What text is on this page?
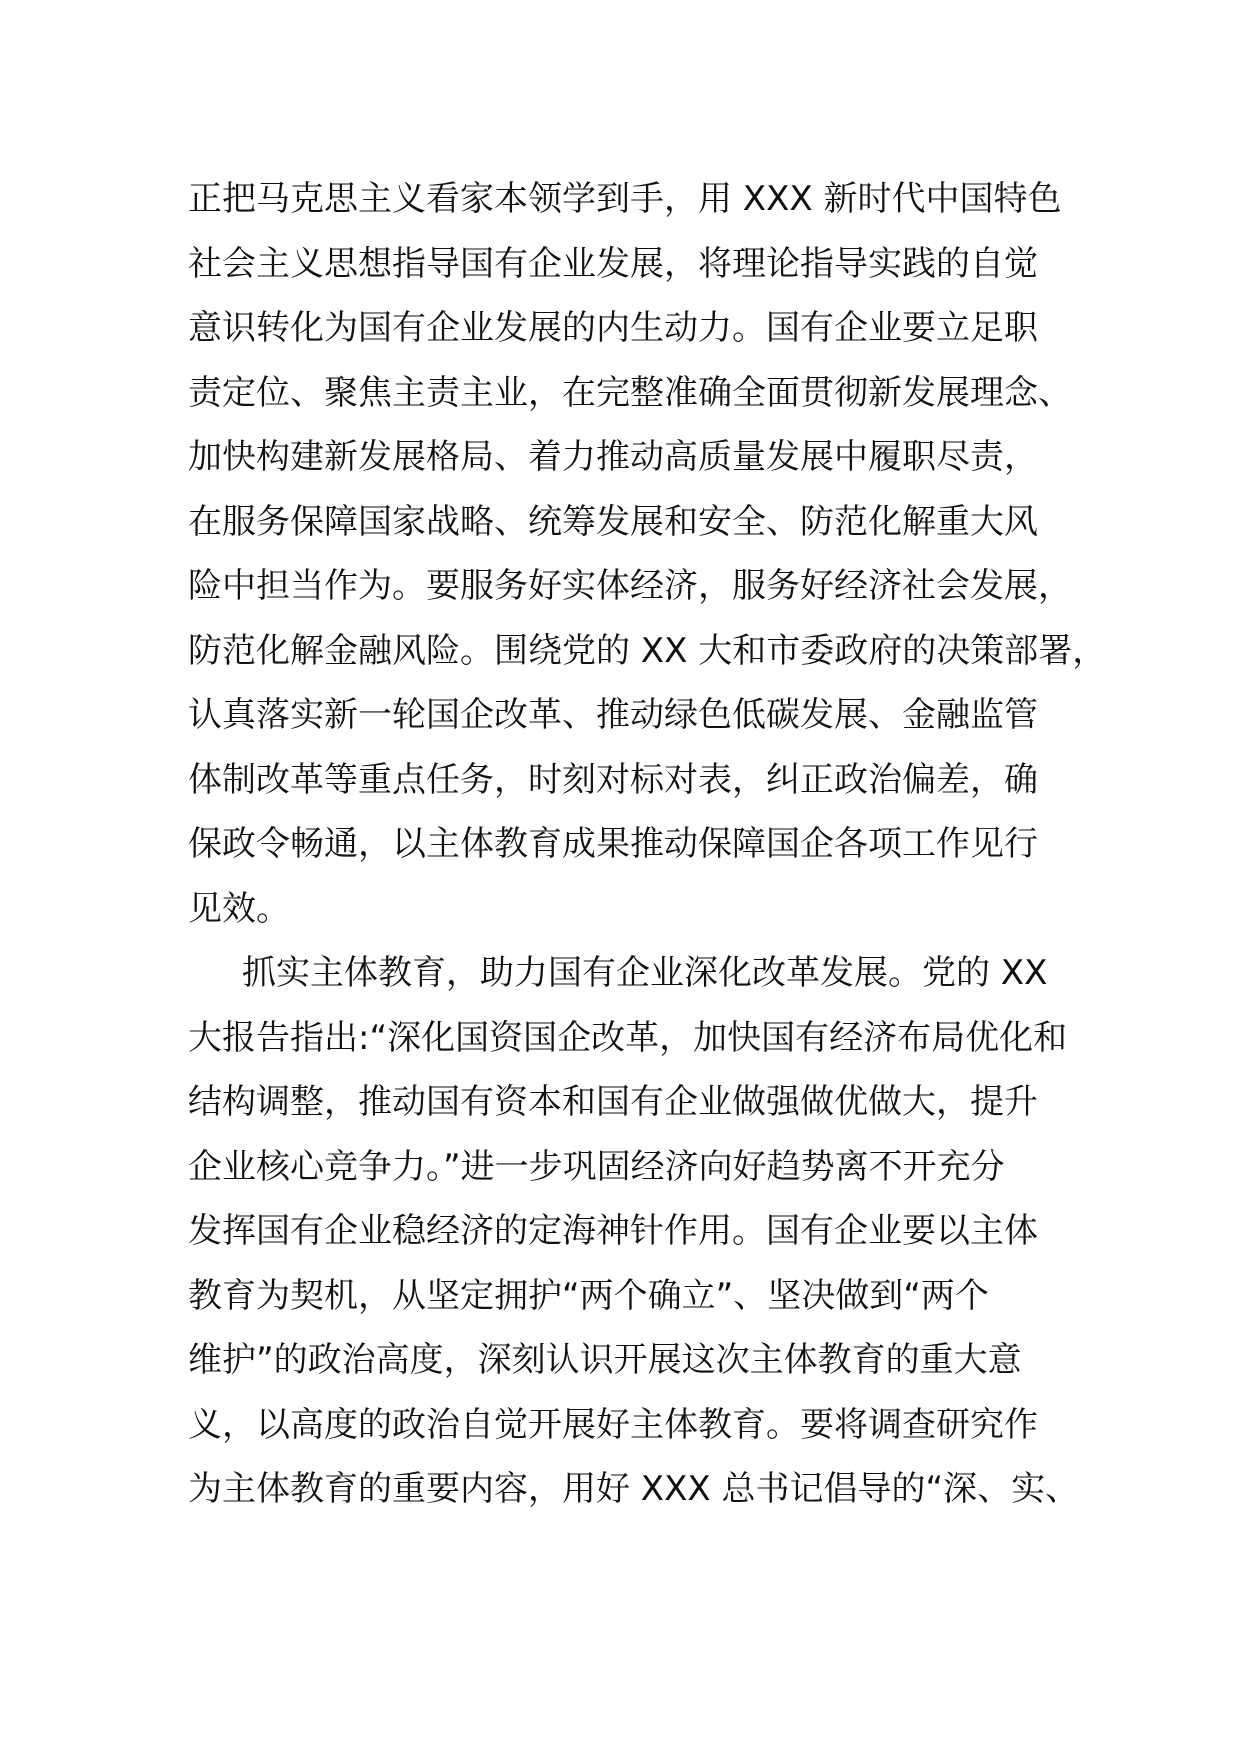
正把马克思主义看家本领学到手，用 XXX 新时代中国特色
社会主义思想指导国有企业发展，将理论指导实践的自觉
意识转化为国有企业发展的内生动力。国有企业要立足职
责定位、聚焦主责主业，在完整准确全面贯彻新发展理念、
加快构建新发展格局、着力推动高质量发展中履职尽责，
在服务保障国家战略、统筹发展和安全、防范化解重大风
险中担当作为。要服务好实体经济，服务好经济社会发展，
防范化解金融风险。围绕党的 XX 大和市委政府的决策部署，
认真落实新一轮国企改革、推动绿色低碳发展、金融监管
体制改革等重点任务，时刻对标对表，纠正政治偏差，确
保政令畅通，以主体教育成果推动保障国企各项工作见行
见效。
抓实主体教育，助力国有企业深化改革发展。党的 XX
大报告指出:“深化国资国企改革，加快国有经济布局优化和
结构调整，推动国有资本和国有企业做强做优做大，提升
企业核心竞争力。”进一步巩固经济向好趋势离不开充分
发挥国有企业稳经济的定海神针作用。国有企业要以主体
教育为契机，从坚定拥护“两个确立”、坚决做到“两个
维护”的政治高度，深刻认识开展这次主体教育的重大意
义，以高度的政治自觉开展好主体教育。要将调查研究作
为主体教育的重要内容，用好 XXX 总书记倡导的“深、实、
